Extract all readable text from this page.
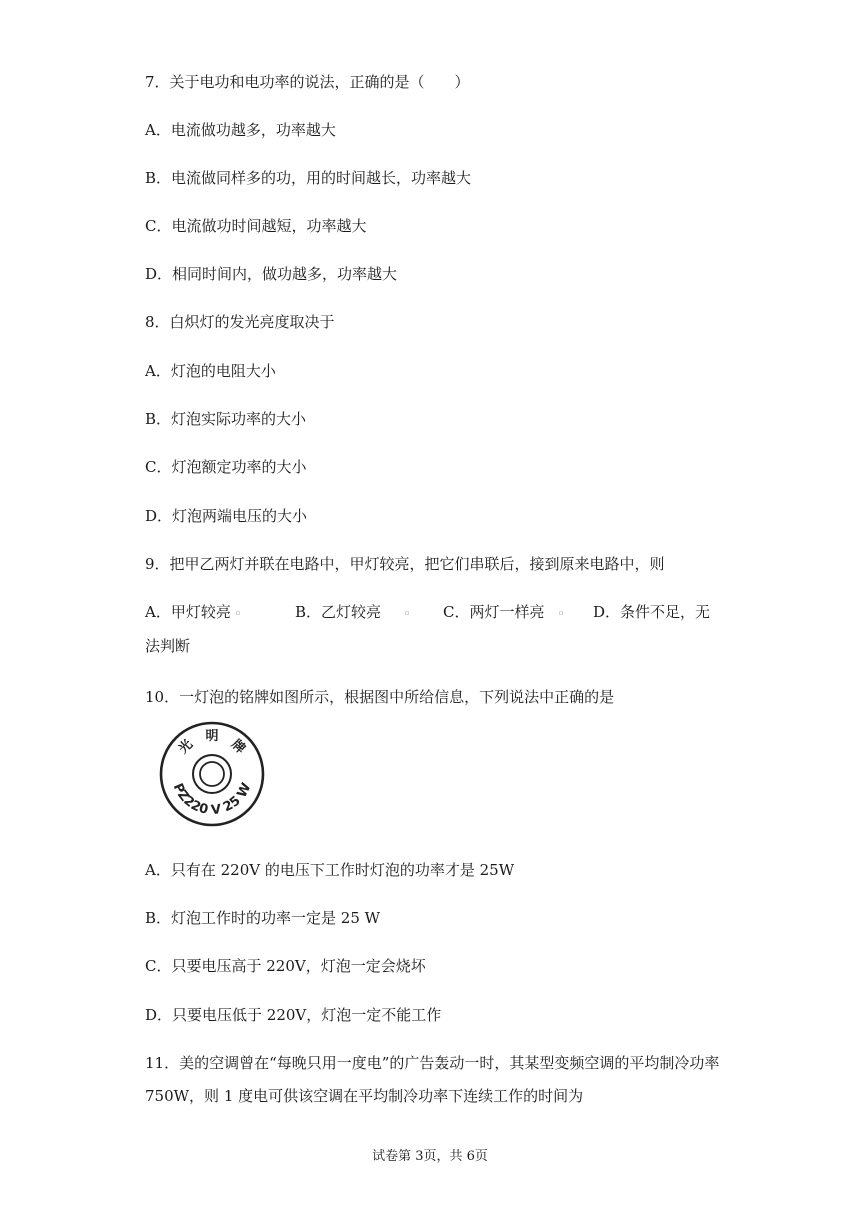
7．关于电功和电功率的说法，正确的是（　　）
A．电流做功越多，功率越大
B．电流做同样多的功，用的时间越长，功率越大
C．电流做功时间越短，功率越大
D．相同时间内，做功越多，功率越大
8．白炽灯的发光亮度取决于
A．灯泡的电阻大小
B．灯泡实际功率的大小
C．灯泡额定功率的大小
D．灯泡两端电压的大小
9．把甲乙两灯并联在电路中，甲灯较亮，把它们串联后，接到原来电路中，则
A．甲灯较亮 ▫	B．乙灯较亮	▫ C．两灯一样亮 ▫ D．条件不足，无
法判断
10．一灯泡的铭牌如图所示，根据图中所给信息，下列说法中正确的是
光　明　牌
PZ220 V 25 W
A．只有在 220V 的电压下工作时灯泡的功率才是 25W
B．灯泡工作时的功率一定是 25 W
C．只要电压高于 220V，灯泡一定会烧坏
D．只要电压低于 220V，灯泡一定不能工作
11．美的空调曾在“每晚只用一度电”的广告轰动一时，其某型变频空调的平均制冷功率
750W，则 1 度电可供该空调在平均制冷功率下连续工作的时间为
试卷第 3页，共 6页
